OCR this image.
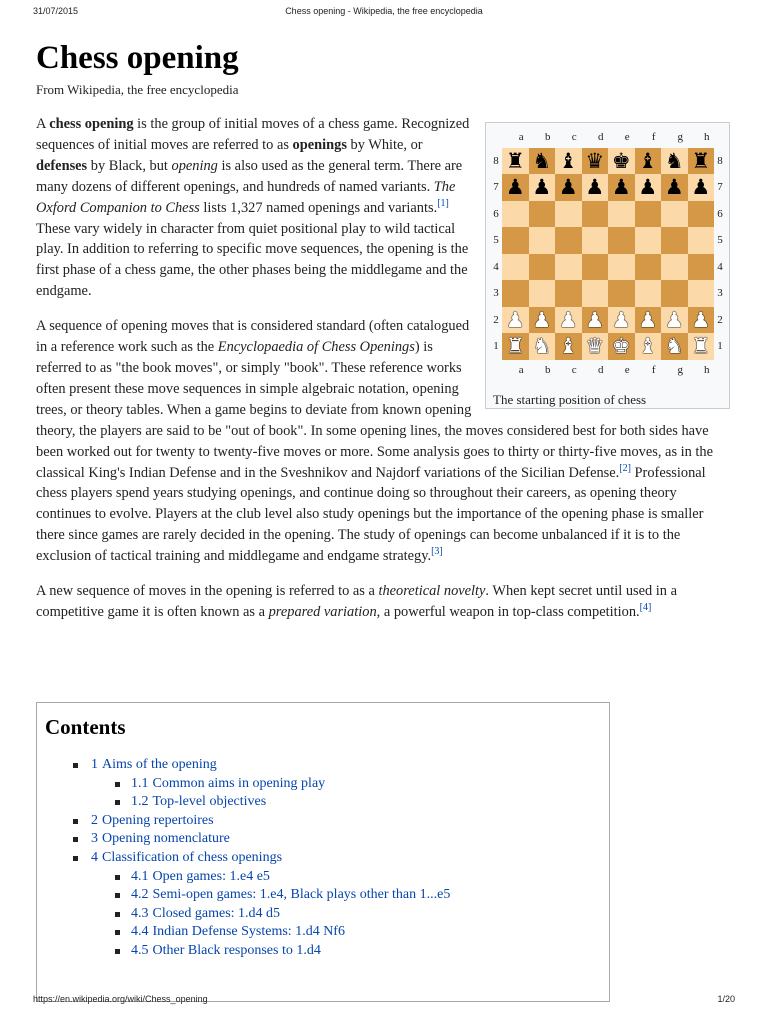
31/07/2015	Chess opening - Wikipedia, the free encyclopedia
Chess opening
From Wikipedia, the free encyclopedia
a	b	c	d	e	f	g	h
8
7
6
5
4
3
2
1
♜ ♞ ♝ ♛ ♚ ♝ ♞ ♜
♟ ♟ ♟ ♟ ♟ ♟ ♟ ♟
♟ ♟ ♟ ♟ ♟ ♟ ♟ ♟
♜ ♞ ♝ ♛ ♚ ♝ ♞ ♜
8
7
6
5
4
3
2
1
a	b	c	d	e	f	g	h
The starting position of chess

A chess opening is the group of initial moves of a chess game. Recognized sequences of initial moves are referred to as openings by White, or defenses by Black, but opening is also used as the general term. There are many dozens of different openings, and hundreds of named variants. The Oxford Companion to Chess lists 1,327 named openings and variants.[1] These vary widely in character from quiet positional play to wild tactical play. In addition to referring to specific move sequences, the opening is the first phase of a chess game, the other phases being the middlegame and the endgame.

A sequence of opening moves that is considered standard (often catalogued in a reference work such as the Encyclopaedia of Chess Openings) is referred to as "the book moves", or simply "book". These reference works often present these move sequences in simple algebraic notation, opening trees, or theory tables. When a game begins to deviate from known opening theory, the players are said to be "out of book". In some opening lines, the moves considered best for both sides have been worked out for twenty to twenty-five moves or more. Some analysis goes to thirty or thirty-five moves, as in the classical King's Indian Defense and in the Sveshnikov and Najdorf variations of the Sicilian Defense.[2] Professional chess players spend years studying openings, and continue doing so throughout their careers, as opening theory continues to evolve. Players at the club level also study openings but the importance of the opening phase is smaller there since games are rarely decided in the opening. The study of openings can become unbalanced if it is to the exclusion of tactical training and middlegame and endgame strategy.[3]

A new sequence of moves in the opening is referred to as a theoretical novelty. When kept secret until used in a competitive game it is often known as a prepared variation, a powerful weapon in top-class competition.[4]

Contents
1 Aims of the opening
1.1 Common aims in opening play
1.2 Top-level objectives
2 Opening repertoires
3 Opening nomenclature
4 Classification of chess openings
4.1 Open games: 1.e4 e5
4.2 Semi-open games: 1.e4, Black plays other than 1...e5
4.3 Closed games: 1.d4 d5
4.4 Indian Defense Systems: 1.d4 Nf6
4.5 Other Black responses to 1.d4
https://en.wikipedia.org/wiki/Chess_opening	1/20
